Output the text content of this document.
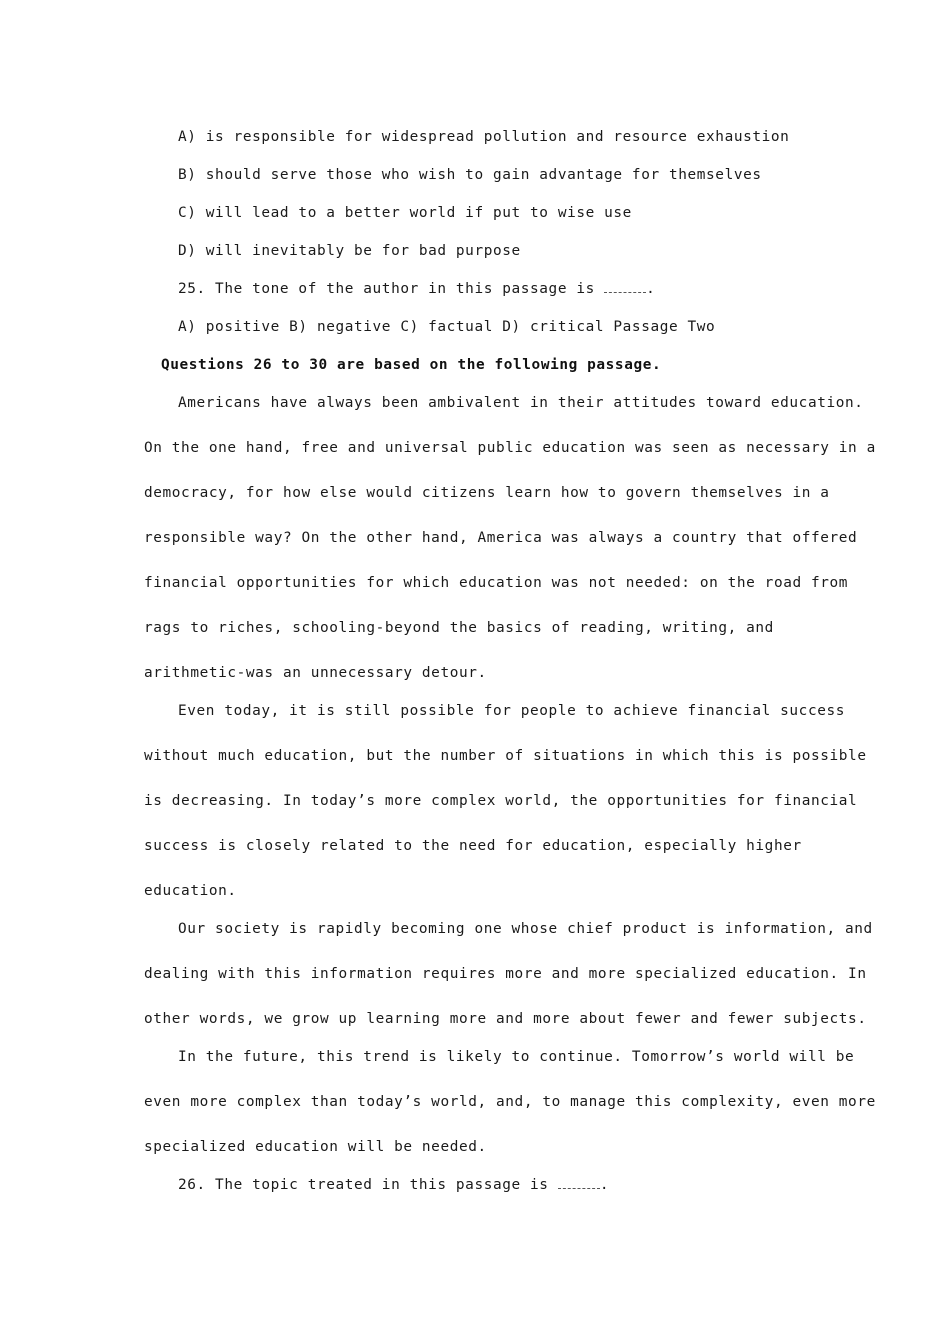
A) is responsible for widespread pollution and resource exhaustion
B) should serve those who wish to gain advantage for themselves
C) will lead to a better world if put to wise use
D) will inevitably be for bad purpose
25. The tone of the author in this passage is	.
A) positive B) negative C) factual D) critical Passage Two
Questions 26 to 30 are based on the following passage.
Americans have always been ambivalent in their attitudes toward education.
On the one hand, free and universal public education was seen as necessary in a
democracy, for how else would citizens learn how to govern themselves in a
responsible way? On the other hand, America was always a country that offered
financial opportunities for which education was not needed: on the road from
rags to riches, schooling-beyond the basics of reading, writing, and
arithmetic-was an unnecessary detour.
Even today, it is still possible for people to achieve financial success
without much education, but the number of situations in which this is possible
is decreasing. In today’s more complex world, the opportunities for financial
success is closely related to the need for education, especially higher
education.
Our society is rapidly becoming one whose chief product is information, and
dealing with this information requires more and more specialized education. In
other words, we grow up learning more and more about fewer and fewer subjects.
In the future, this trend is likely to continue. Tomorrow’s world will be
even more complex than today’s world, and, to manage this complexity, even more
specialized education will be needed.
26. The topic treated in this passage is	.
